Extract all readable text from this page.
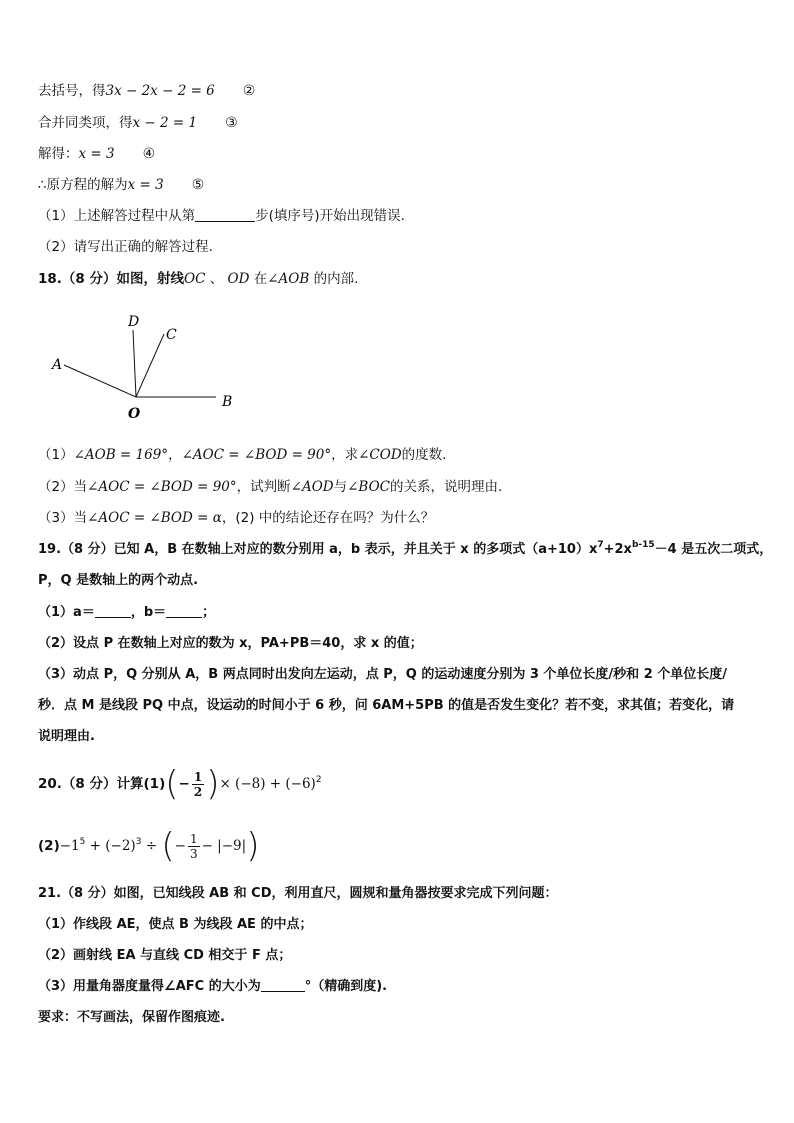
去括号，得3x − 2x − 2 = 6 ②
合并同类项，得x − 2 = 1 ③
解得：x = 3 ④
∴原方程的解为x = 3 ⑤
（1）上述解答过程中从第	步(填序号)开始出现错误.
（2）请写出正确的解答过程.
18.（8 分）如图，射线OC 、 OD 在∠AOB 的内部.
A
B
C
D
O
（1）∠AOB = 169°，∠AOC = ∠BOD = 90°，求∠COD的度数.
（2）当∠AOC = ∠BOD = 90°，试判断∠AOD与∠BOC的关系，说明理由.
（3）当∠AOC = ∠BOD = α，(2) 中的结论还存在吗？为什么？
19.（8 分）已知 A，B 在数轴上对应的数分别用 a，b 表示，并且关于 x 的多项式$(a+10)x^7+2x^{b-15}-4$ 是五次二项式，
P，Q 是数轴上的两个动点.
（1）a＝	，b＝	；
（2）设点 P 在数轴上对应的数为 x，PA+PB＝40，求 x 的值；
（3）动点 P，Q 分别从 A，B 两点同时出发向左运动，点 P，Q 的运动速度分别为 3 个单位长度/秒和 2 个单位长度/
秒．点 M 是线段 PQ 中点，设运动的时间小于 6 秒，问 6AM+5PB 的值是否发生变化？若不变，求其值；若变化，请
说明理由.
20.（8 分）计算$(1)(- \frac{1}{2}$ )× $(-8) + (-6)^2$
$(2)-1^5 + (-2)^3$ ÷ (− $\frac{1}{3} - |-9|$)
21.（8 分）如图，已知线段 AB 和 CD，利用直尺，圆规和量角器按要求完成下列问题：
（1）作线段 AE，使点 B 为线段 AE 的中点；
（2）画射线 EA 与直线 CD 相交于 F 点；
（3）用量角器度量得∠AFC 的大小为	°（精确到度).
要求：不写画法，保留作图痕迹.
